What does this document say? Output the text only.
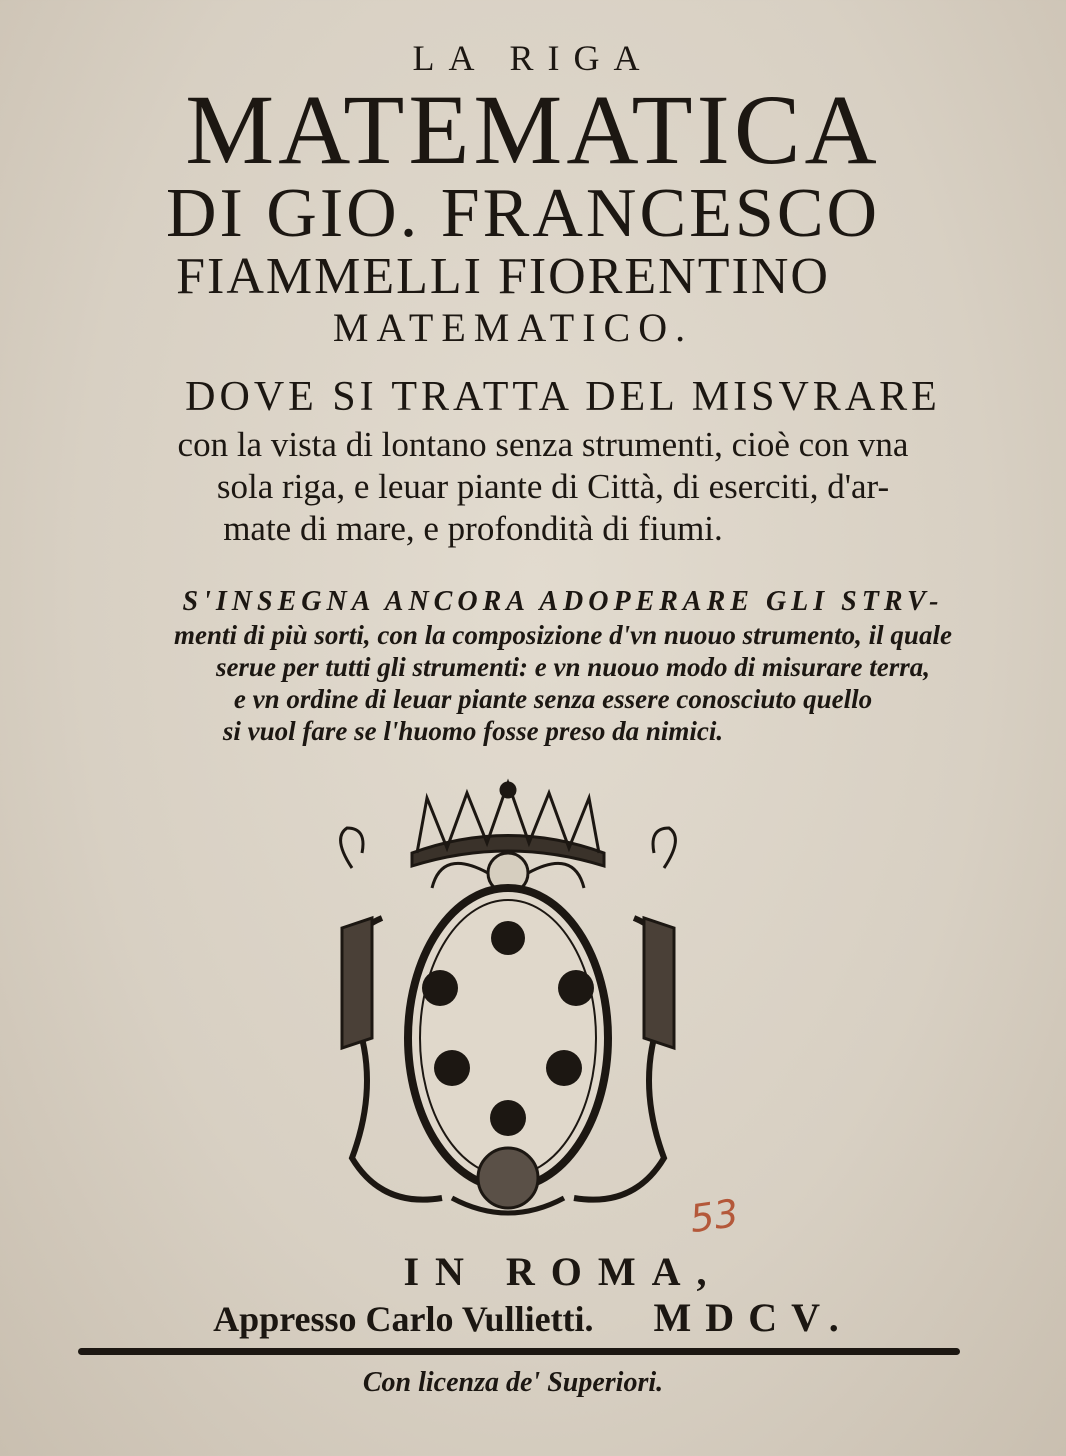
LA RIGA
MATEMATICA
DI GIO. FRANCESCO
FIAMMELLI FIORENTINO
MATEMATICO.
DOVE SI TRATTA DEL MISVRARE
con la vista di lontano senza strumenti, cioè con vna
sola riga, e leuar piante di Città, di eserciti, d'ar-
mate di mare, e profondità di fiumi.
S'INSEGNA ANCORA ADOPERARE GLI STRV-
menti di più sorti, con la composizione d'vn nuouo strumento, il quale
serue per tutti gli strumenti: e vn nuouo modo di misurare terra,
e vn ordine di leuar piante senza essere conosciuto quello
si vuol fare se l'huomo fosse preso da nimici.
53
IN ROMA,
Appresso Carlo Vullietti. MDCV.
Con licenza de' Superiori.
